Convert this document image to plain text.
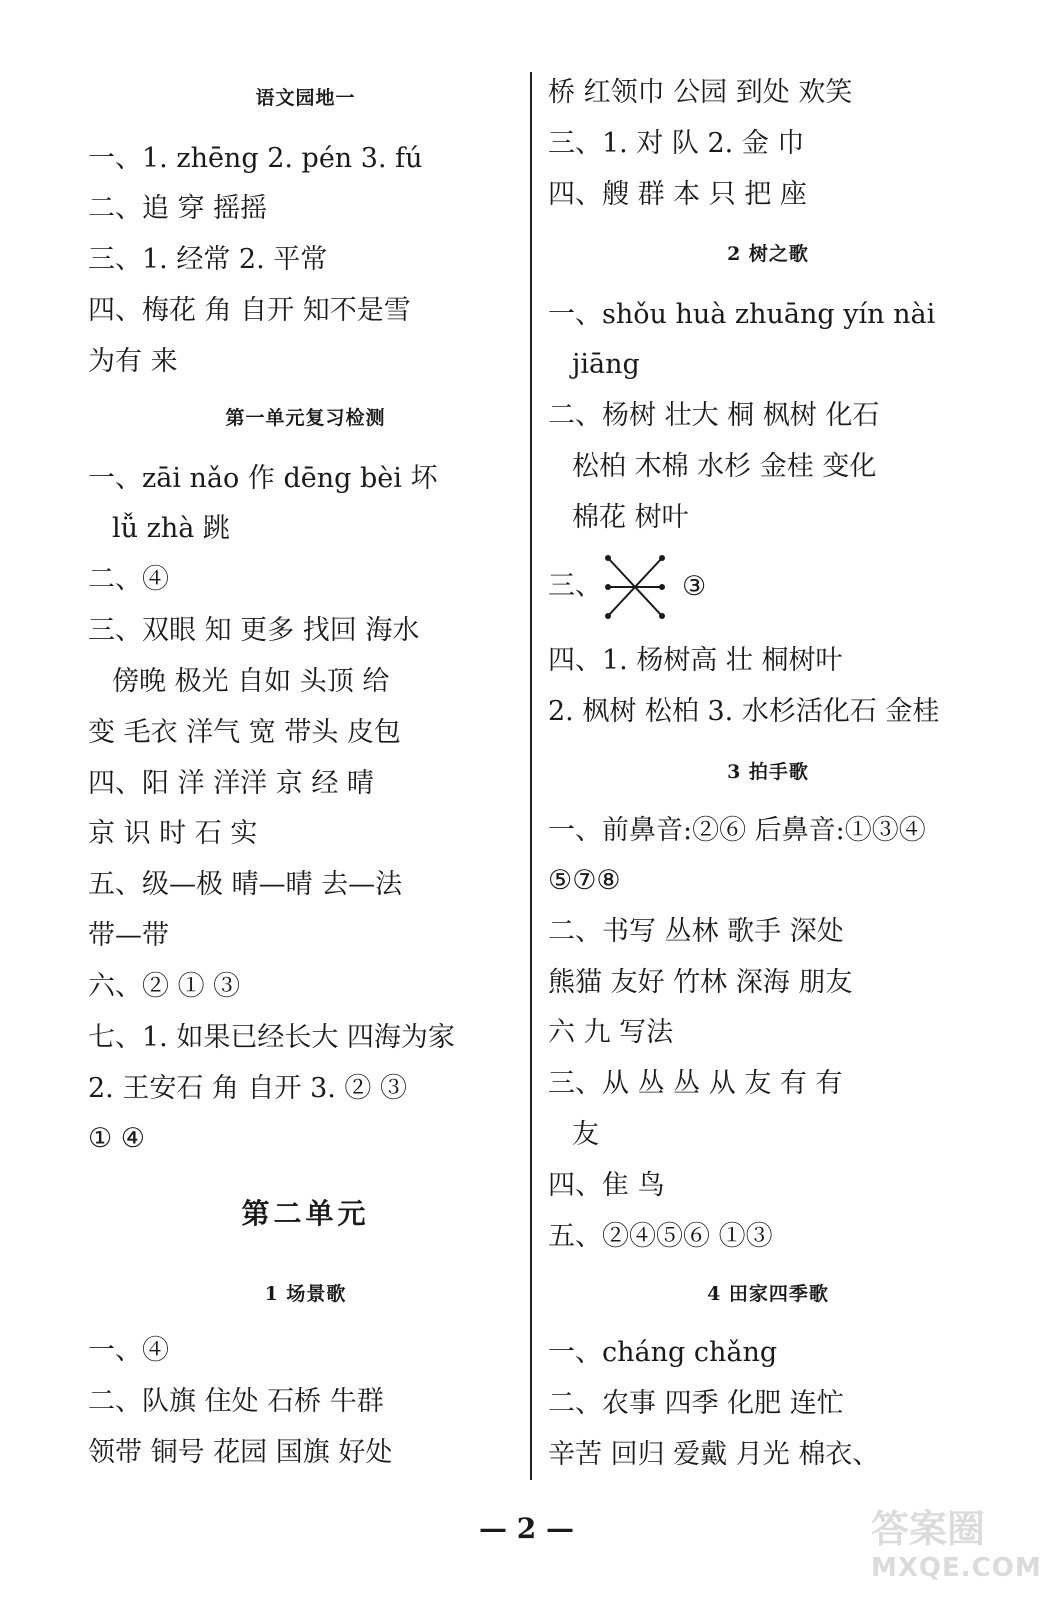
语文园地一
一、1. zhēng 2. pén 3. fú
二、追 穿 摇摇
三、1. 经常 2. 平常
四、梅花 角 自开 知不是雪
为有 来
第一单元复习检测
一、zāi nǎo 作 dēng bèi 坏
lǚ zhà 跳
二、④
三、双眼 知 更多 找回 海水
傍晚 极光 自如 头顶 给
变 毛衣 洋气 宽 带头 皮包
四、阳 洋 洋洋 京 经 晴
京 识 时 石 实
五、级—极 晴—晴 去—法
带—带
六、② ① ③
七、1. 如果已经长大 四海为家
2. 王安石 角 自开 3. ② ③
① ④
第二单元
1 场景歌
一、④
二、队旗 住处 石桥 牛群
领带 铜号 花园 国旗 好处
桥 红领巾 公园 到处 欢笑
三、1. 对 队 2. 金 巾
四、艘 群 本 只 把 座
2 树之歌
一、shǒu huà zhuāng yín nài
jiāng
二、杨树 壮大 桐 枫树 化石
松柏 木棉 水杉 金桂 变化
棉花 树叶
三、	③
四、1. 杨树高 壮 桐树叶
2. 枫树 松柏 3. 水杉活化石 金桂
3 拍手歌
一、前鼻音:②⑥ 后鼻音:①③④
⑤⑦⑧
二、书写 丛林 歌手 深处
熊猫 友好 竹林 深海 朋友
六 九 写法
三、从 丛 丛 从 友 有 有
友
四、隹 鸟
五、②④⑤⑥ ①③
4 田家四季歌
一、cháng chǎng
二、农事 四季 化肥 连忙
辛苦 回归 爱戴 月光 棉衣、
— 2 —	答案圈
MXQE.COM
